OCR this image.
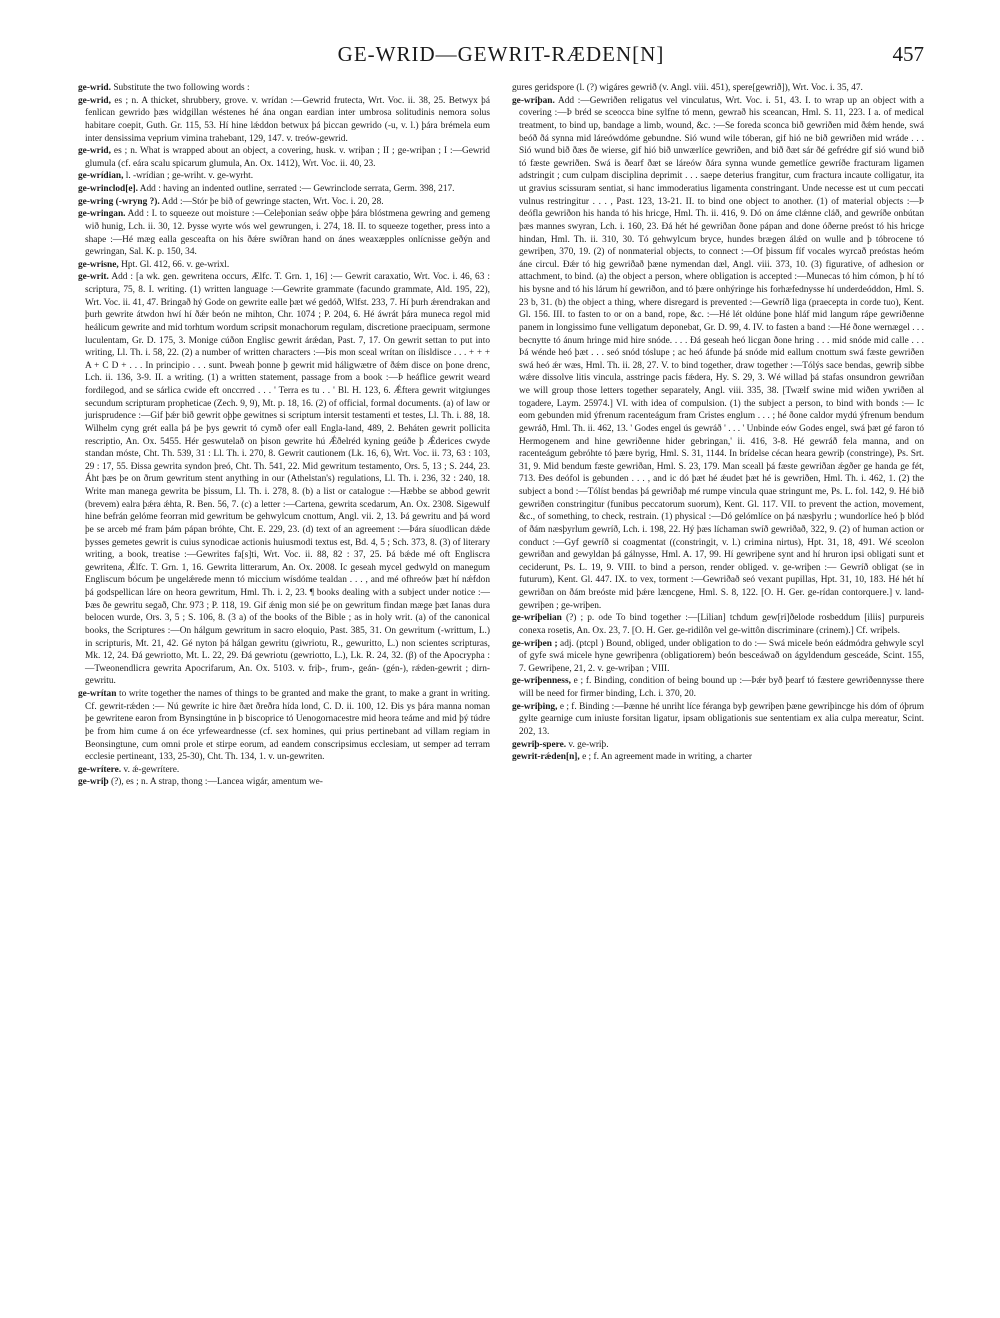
GE-WRID—GEWRIT-RÆDEN[N]	457

ge-wrid. Substitute the two following words :

ge-wrid, es ; n. A thicket, shrubbery, grove. v. wrídan :—Gewrid frutecta, Wrt. Voc. ii. 38, 25. Betwyx þá fenlican gewrido þæs widgillan wéstenes hé ána ongan eardian inter umbrosa solitudinis nemora solus habitare coepit, Guth. Gr. 115, 53. Hí hine lǽddon betwux þá þiccan gewrido (-u, v. l.) þára brémela eum inter densissima veprium vimina trahebant, 129, 147. v. treów-gewrid.

ge-wrid, es ; n. What is wrapped about an object, a covering, husk. v. wriþan ; II ; ge-wriþan ; I :—Gewrid glumula (cf. eára scalu spicarum glumula, An. Ox. 1412), Wrt. Voc. ii. 40, 23.

ge-wrídian, l. -wrídian ; ge-wriht. v. ge-wyrht.

ge-wrinclod[e]. Add : having an indented outline, serrated :— Gewrinclode serrata, Germ. 398, 217.

ge-wring (-wryng ?). Add :—Stór þe bið of gewringe stacten, Wrt. Voc. i. 20, 28.

ge-wringan. Add : I. to squeeze out moisture :—Celeþonian seáw oþþe þára blóstmena gewring and gemeng wið hunig, Lch. ii. 30, 12. Þysse wyrte wós wel gewrungen, i. 274, 18. II. to squeeze together, press into a shape :—Hé mæg ealla gesceafta on his ðǽre swíðran hand on ánes weaxæpples onlícnisse geðýn and gewringan, Sal. K. p. 150, 34.

ge-wrisne, Hpt. Gl. 412, 66. v. ge-wrixl.

ge-writ. Add : [a wk. gen. gewritena occurs, Ælfc. T. Grn. 1, 16] :— Gewrit caraxatio, Wrt. Voc. i. 46, 63 : scriptura, 75, 8. I. writing. (1) written language :—Gewrite grammate (facundo grammate, Ald. 195, 22), Wrt. Voc. ii. 41, 47. Bringað hý Gode on gewrite ealle þæt wé gedóð, Wlfst. 233, 7. Hí þurh ǽrendrakan and þurh gewrite átwdon hwí hí ðǽr beón ne mihton, Chr. 1074 ; P. 204, 6. Hé áwrát þára muneca regol mid heálicum gewrite and mid torhtum wordum scripsit monachorum regulam, discretione praecipuam, sermone luculentam, Gr. D. 175, 3. Monige cúðon Englisc gewrit árǽdan, Past. 7, 17. On gewrit settan to put into writing, Ll. Th. i. 58, 22. (2) a number of written characters :—Þis mon sceal wrítan on ílisldisce . . . + + + A + C D + . . . In principio . . . sunt. Þweah þonne þ gewrit mid háligwætre of ðǽm disce on þone drenc, Lch. ii. 136, 3-9. II. a writing. (1) a written statement, passage from a book :—Þ heáflice gewrit weard fordilegod, and se sárlica cwide eft onccrred . . . ' Terra es tu . . ' Bl. H. 123, 6. Ǽftera gewrit witgiunges secundum scripturam propheticae (Zech. 9, 9), Mt. p. 18, 16. (2) of official, formal documents. (a) of law or jurisprudence :—Gif þǽr bið gewrit oþþe gewitnes si scriptum intersit testamenti et testes, Ll. Th. i. 88, 18. Wilhelm cyng grét ealla þá þe þys gewrit tó cymð ofer eall Engla-land, 489, 2. Beháten gewrit pollicita rescriptio, An. Ox. 5455. Hér geswutelað on þison gewrite hú Ǽðelréd kyning geúðe þ Ǽderices cwyde standan móste, Cht. Th. 539, 31 : Ll. Th. i. 270, 8. Gewrit cautionem (Lk. 16, 6), Wrt. Voc. ii. 73, 63 : 103, 29 : 17, 55. Ðissa gewrita syndon þreó, Cht. Th. 541, 22. Mid gewritum testamento, Ors. 5, 13 ; S. 244, 23. Áht þæs þe on ðrum gewritum stent anything in our (Athelstan's) regulations, Ll. Th. i. 236, 32 : 240, 18. Write man manega gewrita be þissum, Ll. Th. i. 278, 8. (b) a list or catalogue :—Hæbbe se abbod gewrit (brevem) ealra þǽra ǽhta, R. Ben. 56, 7. (c) a letter :—Cartena, gewrita scedarum, An. Ox. 2308. Sigewulf hine befrán gelóme feorran mid gewritum be gehwylcum cnottum, Angl. vii. 2, 13. Þá gewritu and þá word þe se arceb mé fram þám pápan bróhte, Cht. E. 229, 23. (d) text of an agreement :—Þára síuodlican dǽde þysses gemetes gewrit is cuius synodicae actionis huiusmodi textus est, Bd. 4, 5 ; Sch. 373, 8. (3) of literary writing, a book, treatise :—Gewrites fa[s]ti, Wrt. Voc. ii. 88, 82 : 37, 25. Þá bǽde mé oft Engliscra gewritena, Ǽlfc. T. Grn. 1, 16. Gewrita litterarum, An. Ox. 2008. Ic geseah mycel gedwyld on manegum Engliscum bócum þe ungelǽrede menn tó miccium wísdóme tealdan . . . , and mé ofhreów þæt hí nǽfdon þá godspellican láre on heora gewritum, Hml. Th. i. 2, 23. ¶ books dealing with a subject under notice :—Þæs ðe gewritu segað, Chr. 973 ; P. 118, 19. Gif ǽnig mon sié þe on gewritum findan mæge þæt Ianas dura belocen wurde, Ors. 3, 5 ; S. 106, 8. (3 a) of the books of the Bible ; as in holy writ. (a) of the canonical books, the Scriptures :—On hálgum gewritum in sacro eloquio, Past. 385, 31. On gewritum (-writtum, L.) in scripturis, Mt. 21, 42. Gé nyton þá hálgan gewritu (giwriotu, R., gewuritto, L.) non scientes scripturas, Mk. 12, 24. Ðá gewriotto, Mt. L. 22, 29. Ðá gewriotu (gewriotto, L.), Lk. R. 24, 32. (β) of the Apocrypha :—Tweonendlicra gewrita Apocrifarum, An. Ox. 5103. v. friþ-, frum-, geán- (gén-), rǽden-gewrit ; dirn-gewritu.

ge-wrítan to write together the names of things to be granted and make the grant, to make a grant in writing. Cf. gewrit-rǽden :— Nú gewríte ic hire ðæt ðreðra hída lond, C. D. ii. 100, 12. Ðis ys þára manna noman þe gewritene earon from Bynsingtúne in þ biscoprice tó Uenogornacestre mid heora teáme and mid þý túdre þe from him cume á on éce yrfeweardnesse (cf. sex homines, qui prius pertinebant ad villam regiam in Beonsingtune, cum omni prole et stirpe eorum, ad eandem conscripsimus ecclesiam, ut semper ad terram ecclesie pertineant, 133, 25-30), Cht. Th. 134, 1. v. un-gewriten.

ge-wrítere. v. ǽ-gewrítere.

ge-wriþ (?), es ; n. A strap, thong :—Lancea wigár, amentum we-

gures geridspore (l. (?) wigáres gewrið (v. Angl. viii. 451), spere[gewrið]), Wrt. Voc. i. 35, 47.

ge-wriþan. Add :—Gewriðen religatus vel vinculatus, Wrt. Voc. i. 51, 43. I. to wrap up an object with a covering :—Þ bréd se sceocca bine sylfne tó menn, gewrað his sceancan, Hml. S. 11, 223. I a. of medical treatment, to bind up, bandage a limb, wound, &c. :—Se foreda sconca bið gewriðen mid ðǽm hende, swá beóð ðá synna mid láreówdóme gebundne. Sió wund wile tóberan, gif hió ne bið gewriðen mid wráde . . . Sió wund bið ðæs ðe wierse, gif hió bið unwærlíce gewriðen, and bið ðæt sár ðé gefrédre gif sió wund bið tó fæste gewriðen. Swá is ðearf ðæt se láreów ðára synna wunde gemetlíce gewríðe fracturam ligamen adstringit ; cum culpam disciplina deprimit . . . saepe deterius frangitur, cum fractura incaute colligatur, ita ut gravius scissuram sentiat, si hanc immoderatius ligamenta constringant. Unde necesse est ut cum peccati vulnus restringitur . . . , Past. 123, 13-21. II. to bind one object to another. (1) of material objects :—Þ deófla gewriðon his handa tó his hricge, Hml. Th. ii. 416, 9. Dó on áme clǽnne cláð, and gewríðe onbútan þæs mannes swyran, Lch. i. 160, 23. Ðá hét hé gewriðan ðone pápan and done óðerne preóst tó his hricge hindan, Hml. Th. ii. 310, 30. Tó gehwylcum bryce, hundes brægen álǽd on wulle and þ tóbrocene tó gewriþen, 370, 19. (2) of nonmaterial objects, to connect :—Of þissum fíf vocales wyrcað preóstas heóm áne circul. Ðǽr tó hig gewriðað þæne nymendan dæl, Angl. viii. 373, 10. (3) figurative, of adhesion or attachment, to bind. (a) the object a person, where obligation is accepted :—Munecas tó him cómon, þ hí tó his bysne and tó his lárum hí gewriðon, and tó þære onhýringe his forhæfednysse hí underdeóddon, Hml. S. 23 b, 31. (b) the object a thing, where disregard is prevented :—Gewríð liga (praecepta in corde tuo), Kent. Gl. 156. III. to fasten to or on a band, rope, &c. :—Hé lét oldúne þone hláf mid langum rápe gewriðenne panem in longissimo fune velligatum deponebat, Gr. D. 99, 4. IV. to fasten a band :—Hé ðone wernægel . . . becnytte tó ánum hringe mid hire snóde. . . . Ðá geseah heó licgan ðone hring . . . mid snóde mid calle . . . Þá wénde heó þæt . . . seó snód tóslupe ; ac heó áfunde þá snóde mid eallum cnottum swá fæste gewriðen swá heó ǽr wæs, Hml. Th. ii. 28, 27. V. to bind together, draw together :—Tólýs sace bendas, gewriþ sibbe wǽre dissolve litis vincula, asstringe pacis fǽdera, Hy. S. 29, 3. Wé willad þá stafas onsundron gewriðan we will group those letters together separately, Angl. viii. 335, 38. [Twælf swine mid wiðen ywriðen al togadere, Laym. 25974.] VI. with idea of compulsion. (1) the subject a person, to bind with bonds :— Ic eom gebunden mid ýfrenum racenteágum fram Cristes englum . . . ; hé ðone caldor mydú ýfrenum bendum gewráð, Hml. Th. ii. 462, 13. ' Godes engel ús gewráð ' . . . ' Unbinde eów Godes engel, swá þæt gé faron tó Hermogenem and hine gewriðenne hider gebringan,' ii. 416, 3-8. Hé gewráð fela manna, and on racenteágum gebróhte tó þære byrig, Hml. S. 31, 1144. In brídelse cécan heara gewriþ (constringe), Ps. Srt. 31, 9. Mid bendum fæste gewriðan, Hml. S. 23, 179. Man sceall þá fæste gewriðan ǽgðer ge handa ge fét, 713. Ðes deófol is gebunden . . . , and ic dó þæt hé ǽudet þæt hé is gewriðen, Hml. Th. i. 462, 1. (2) the subject a bond :—Tólíst bendas þá gewriðaþ mé rumpe vincula quae stringunt me, Ps. L. fol. 142, 9. Hé bið gewriðen constringitur (funibus peccatorum suorum), Kent. Gl. 117. VII. to prevent the action, movement, &c., of something, to check, restrain. (1) physical :—Dó gelómlíce on þá næsþyrlu ; wundorlíce heó þ blód of ðám næsþyrlum gewríð, Lch. i. 198, 22. Hý þæs líchaman swíð gewriðað, 322, 9. (2) of human action or conduct :—Gyf gewríð si coagmentat ((constringit, v. l.) crimina nirtus), Hpt. 31, 18, 491. Wé sceolon gewriðan and gewyldan þá gálnysse, Hml. A. 17, 99. Hí gewriþene synt and hí hruron ipsi obligati sunt et ceciderunt, Ps. L. 19, 9. VIII. to bind a person, render obliged. v. ge-wriþen :— Gewríð obligat (se in futurum), Kent. Gl. 447. IX. to vex, torment :—Gewriðað seó vexant pupillas, Hpt. 31, 10, 183. Hé hét hí gewriðan on ðám breóste mid þǽre læncgene, Hml. S. 8, 122. [O. H. Ger. ge-rídan contorquere.] v. land-gewriþen ; ge-wriþen.

ge-wriþelian (?) ; p. ode To bind together :—[Lilian] tchdum gew[ri]ðelode rosbeddum [iliis] purpureis conexa rosetis, An. Ox. 23, 7. [O. H. Ger. ge-ridilôn vel ge-wittôn discriminare (crinem).] Cf. wriþels.

ge-wriþen ; adj. (ptcpl ) Bound, obliged, under obligation to do :— Swá micele beón eádmódra gehwyle scyl of gyfe swá micele hyne gewriþenra (obligatiorem) beón besceáwað on ágyldendum gesceáde, Scint. 155, 7. Gewriþene, 21, 2. v. ge-wriþan ; VIII.

ge-wriþenness, e ; f. Binding, condition of being bound up :—Þǽr byð þearf tó fæstere gewriðennysse there will be need for firmer binding, Lch. i. 370, 20.

ge-wriþing, e ; f. Binding :—Þænne hé unriht líce féranga byþ gewriþen þæne gewriþincge his dóm of óþrum gylte gearnige cum iniuste forsitan ligatur, ipsam obligationis sue sententiam ex alia culpa mereatur, Scint. 202, 13.

gewriþ-spere. v. ge-wriþ.

gewrit-rǽden[n], e ; f. An agreement made in writing, a charter
